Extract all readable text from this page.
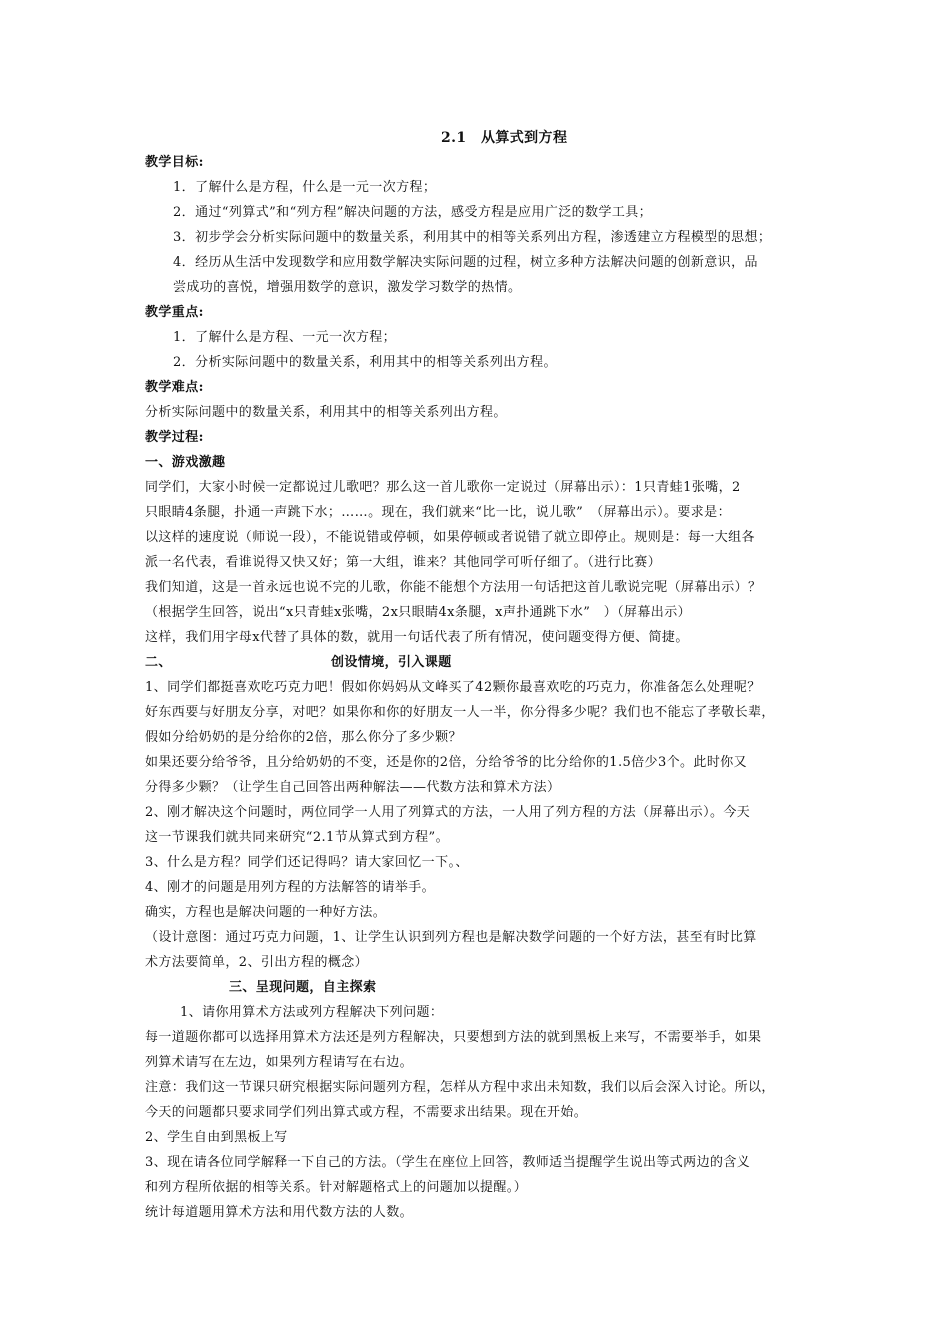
2.1　从算式到方程
教学目标:
1．了解什么是方程，什么是一元一次方程；
2．通过“列算式”和“列方程”解决问题的方法，感受方程是应用广泛的数学工具；
3．初步学会分析实际问题中的数量关系，利用其中的相等关系列出方程，渗透建立方程模型的思想；
4．经历从生活中发现数学和应用数学解决实际问题的过程，树立多种方法解决问题的创新意识，品
尝成功的喜悦，增强用数学的意识，激发学习数学的热情。
教学重点:
1．了解什么是方程、一元一次方程；
2．分析实际问题中的数量关系，利用其中的相等关系列出方程。
教学难点:
分析实际问题中的数量关系，利用其中的相等关系列出方程。
教学过程:
一、游戏激趣
同学们，大家小时候一定都说过儿歌吧？那么这一首儿歌你一定说过（屏幕出示）：1只青蛙1张嘴，2
只眼睛4条腿，扑通一声跳下水；……。现在，我们就来“比一比，说儿歌”　（屏幕出示）。要求是：
以这样的速度说（师说一段），不能说错或停顿，如果停顿或者说错了就立即停止。规则是：每一大组各
派一名代表，看谁说得又快又好；第一大组，谁来？其他同学可听仔细了。（进行比赛）
我们知道，这是一首永远也说不完的儿歌，你能不能想个方法用一句话把这首儿歌说完呢（屏幕出示）？
（根据学生回答，说出“x只青蛙x张嘴，2x只眼睛4x条腿，x声扑通跳下水”　）（屏幕出示）
这样，我们用字母x代替了具体的数，就用一句话代表了所有情况，使问题变得方便、简捷。
二、	创设情境，引入课题
1、同学们都挺喜欢吃巧克力吧！假如你妈妈从文峰买了42颗你最喜欢吃的巧克力，你准备怎么处理呢？
好东西要与好朋友分享，对吧？如果你和你的好朋友一人一半，你分得多少呢？我们也不能忘了孝敬长辈，
假如分给奶奶的是分给你的2倍，那么你分了多少颗？
如果还要分给爷爷，且分给奶奶的不变，还是你的2倍，分给爷爷的比分给你的1.5倍少3个。此时你又
分得多少颗？（让学生自己回答出两种解法——代数方法和算术方法）
2、刚才解决这个问题时，两位同学一人用了列算式的方法，一人用了列方程的方法（屏幕出示）。今天
这一节课我们就共同来研究“2.1节从算式到方程”。
3、什么是方程？同学们还记得吗？请大家回忆一下。、
4、刚才的问题是用列方程的方法解答的请举手。
确实，方程也是解决问题的一种好方法。
（设计意图：通过巧克力问题，1、让学生认识到列方程也是解决数学问题的一个好方法，甚至有时比算
术方法要简单，2、引出方程的概念）
三、呈现问题，自主探索
1、请你用算术方法或列方程解决下列问题：
每一道题你都可以选择用算术方法还是列方程解决，只要想到方法的就到黑板上来写，不需要举手，如果
列算术请写在左边，如果列方程请写在右边。
注意：我们这一节课只研究根据实际问题列方程，怎样从方程中求出未知数，我们以后会深入讨论。所以，
今天的问题都只要求同学们列出算式或方程，不需要求出结果。现在开始。
2、学生自由到黑板上写
3、现在请各位同学解释一下自己的方法。（学生在座位上回答，教师适当提醒学生说出等式两边的含义
和列方程所依据的相等关系。针对解题格式上的问题加以提醒。）
统计每道题用算术方法和用代数方法的人数。
